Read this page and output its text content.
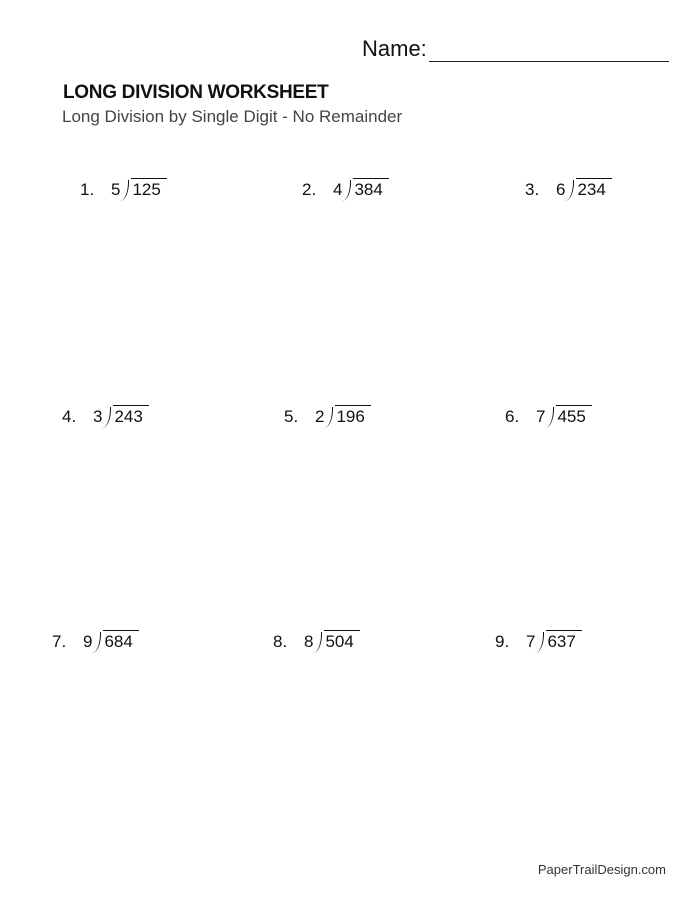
Name:
LONG DIVISION WORKSHEET
Long Division by Single Digit - No Remainder
1. 5 125	2. 4 384	3. 6 234
4. 3 243	5. 2 196	6. 7 455
7. 9 684	8. 8 504	9. 7 637
PaperTrailDesign.com
